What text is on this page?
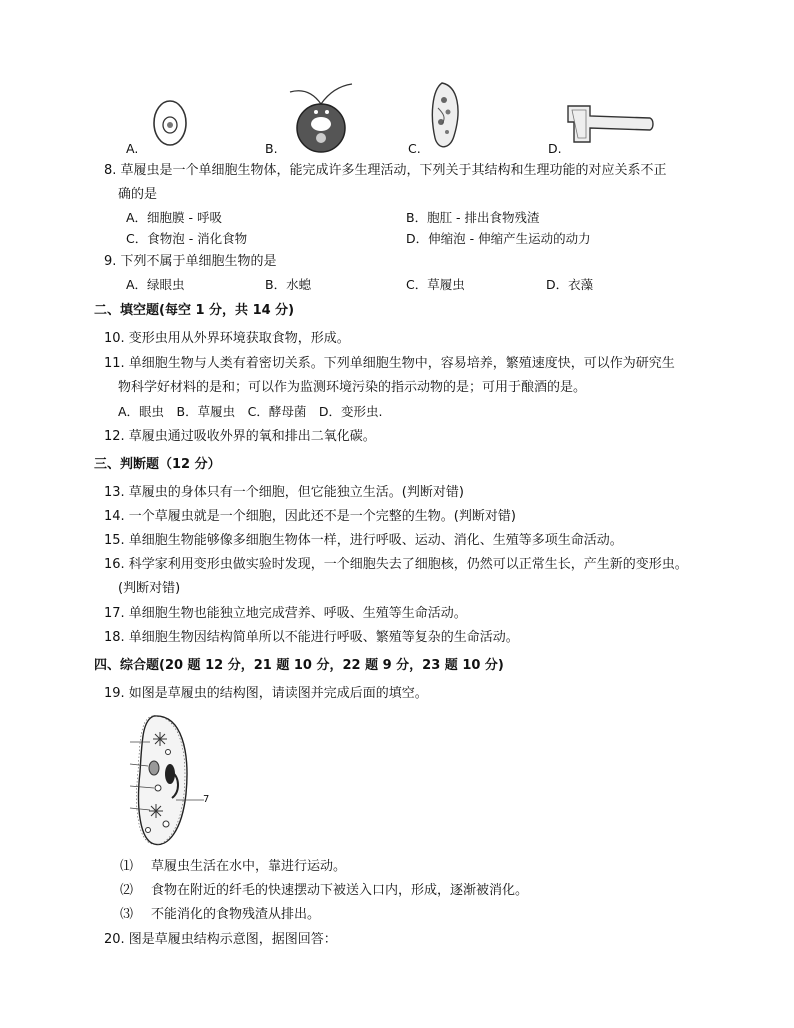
A.	B.	C.	D.
8. 草履虫是一个单细胞生物体，能完成许多生理活动，下列关于其结构和生理功能的对应关系不正
确的是
A．细胞膜 - 呼吸	B．胞肛 - 排出食物残渣
C．食物泡 - 消化食物	D．伸缩泡 - 伸缩产生运动的动力
9. 下列不属于单细胞生物的是
A．绿眼虫	B．水螅	C．草履虫	D．衣藻
二、填空题(每空 1 分，共 14 分)
10. 变形虫用从外界环境获取食物，形成。
11. 单细胞生物与人类有着密切关系。下列单细胞生物中，容易培养，繁殖速度快，可以作为研究生
物科学好材料的是和；可以作为监测环境污染的指示动物的是；可用于酿酒的是。
A．眼虫　B．草履虫　C．酵母菌　D．变形虫.
12. 草履虫通过吸收外界的氧和排出二氧化碳。
三、判断题（12 分）
13. 草履虫的身体只有一个细胞，但它能独立生活。(判断对错)
14. 一个草履虫就是一个细胞，因此还不是一个完整的生物。(判断对错)
15. 单细胞生物能够像多细胞生物体一样，进行呼吸、运动、消化、生殖等多项生命活动。
16. 科学家利用变形虫做实验时发现，一个细胞失去了细胞核，仍然可以正常生长，产生新的变形虫。
(判断对错)
17. 单细胞生物也能独立地完成营养、呼吸、生殖等生命活动。
18. 单细胞生物因结构简单所以不能进行呼吸、繁殖等复杂的生命活动。
四、综合题(20 题 12 分，21 题 10 分，22 题 9 分，23 题 10 分)
19. 如图是草履虫的结构图，请读图并完成后面的填空。
7
⑴ 草履虫生活在水中，靠进行运动。
⑵ 食物在附近的纤毛的快速摆动下被送入口内，形成，逐渐被消化。
⑶ 不能消化的食物残渣从排出。
20. 图是草履虫结构示意图，据图回答：
